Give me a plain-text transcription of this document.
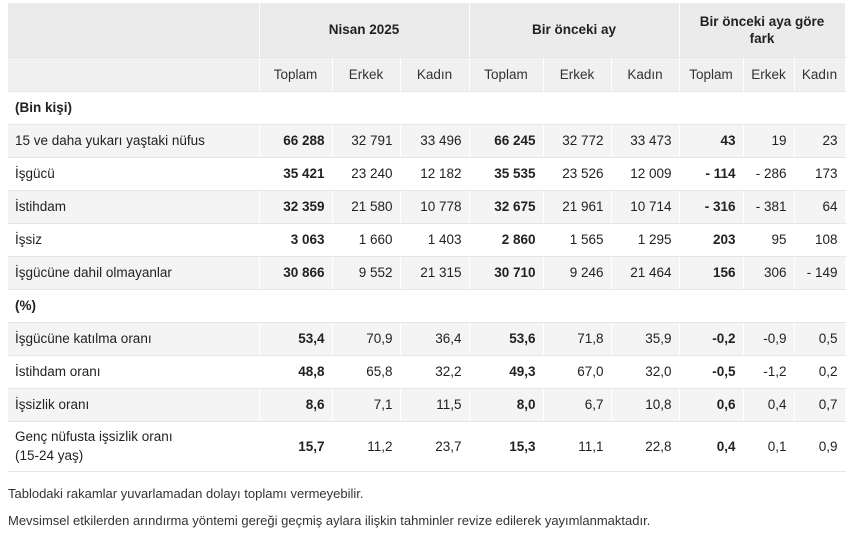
	Nisan 2025			Bir önceki ay			Bir önceki aya göre fark		
	Toplam	Erkek	Kadın	Toplam	Erkek	Kadın	Toplam	Erkek	Kadın
(Bin kişi)									
15 ve daha yukarı yaştaki nüfus	66 288	32 791	33 496	66 245	32 772	33 473	43	19	23
İşgücü	35 421	23 240	12 182	35 535	23 526	12 009	- 114	- 286	173
İstihdam	32 359	21 580	10 778	32 675	21 961	10 714	- 316	- 381	64
İşsiz	3 063	1 660	1 403	2 860	1 565	1 295	203	95	108
İşgücüne dahil olmayanlar	30 866	9 552	21 315	30 710	9 246	21 464	156	306	- 149
(%)									
İşgücüne katılma oranı	53,4	70,9	36,4	53,6	71,8	35,9	-0,2	-0,9	0,5
İstihdam oranı	48,8	65,8	32,2	49,3	67,0	32,0	-0,5	-1,2	0,2
İşsizlik oranı	8,6	7,1	11,5	8,0	6,7	10,8	0,6	0,4	0,7
Genç nüfusta işsizlik oranı
(15-24 yaş)	15,7	11,2	23,7	15,3	11,1	22,8	0,4	0,1	0,9
Tablodaki rakamlar yuvarlamadan dolayı toplamı vermeyebilir.
Mevsimsel etkilerden arındırma yöntemi gereği geçmiş aylara ilişkin tahminler revize edilerek yayımlanmaktadır.
